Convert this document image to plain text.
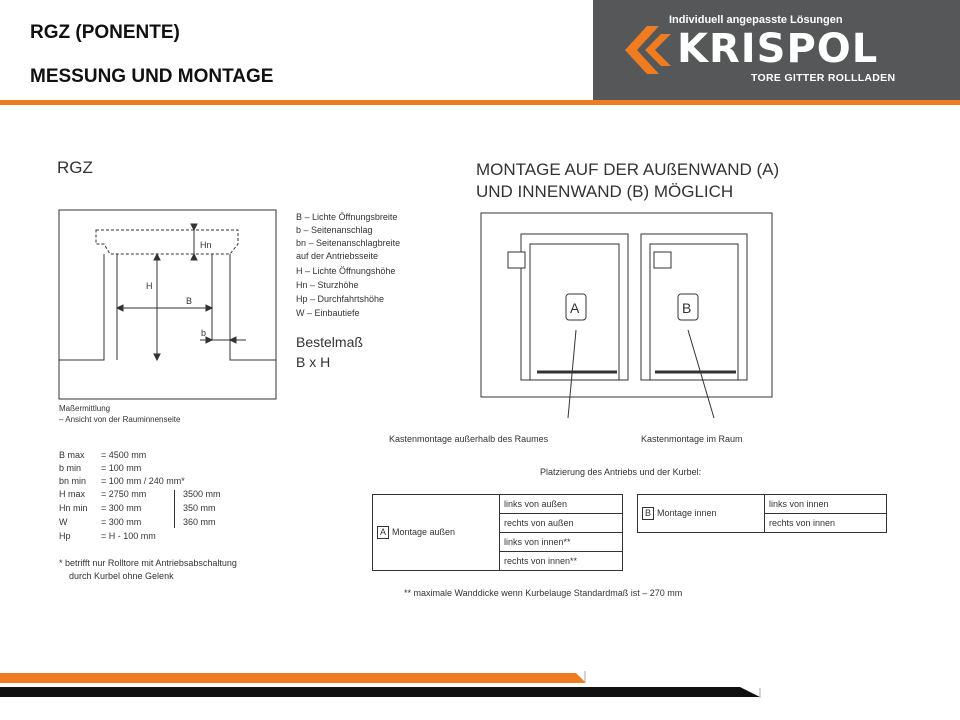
RGZ (PONENTE)
MESSUNG UND MONTAGE
Individuell angepasste Lösungen
KRISPOL
TORE GITTER ROLLLADEN
RGZ
Hn
H
B
b
B – Lichte Öffnungsbreite
b – Seitenanschlag
bn – Seitenanschlagbreite
auf der Antriebsseite
H – Lichte Öffnungshöhe
Hn – Sturzhöhe
Hp – Durchfahrtshöhe
W – Einbautiefe
Bestelmaß
B x H
Maßermittlung
– Ansicht von der Rauminnenseite
B max = 4500 mm
b min = 100 mm
bn min = 100 mm / 240 mm*
H max = 2750 mm	3500 mm
Hn min = 300 mm	350 mm
W	= 300 mm	360 mm
Hp	= H - 100 mm
* betrifft nur Rolltore mit Antriebsabschaltung
durch Kurbel ohne Gelenk
MONTAGE AUF DER AUßENWAND (A)
UND INNENWAND (B) MÖGLICH
A	B
Kastenmontage außerhalb des Raumes	Kastenmontage im Raum
Platzierung des Antriebs und der Kurbel:
A Montage außen	links von außen
rechts von außen
links von innen**
rechts von innen**
B Montage innen	links von innen
rechts von innen
** maximale Wanddicke wenn Kurbelauge Standardmaß ist – 270 mm
